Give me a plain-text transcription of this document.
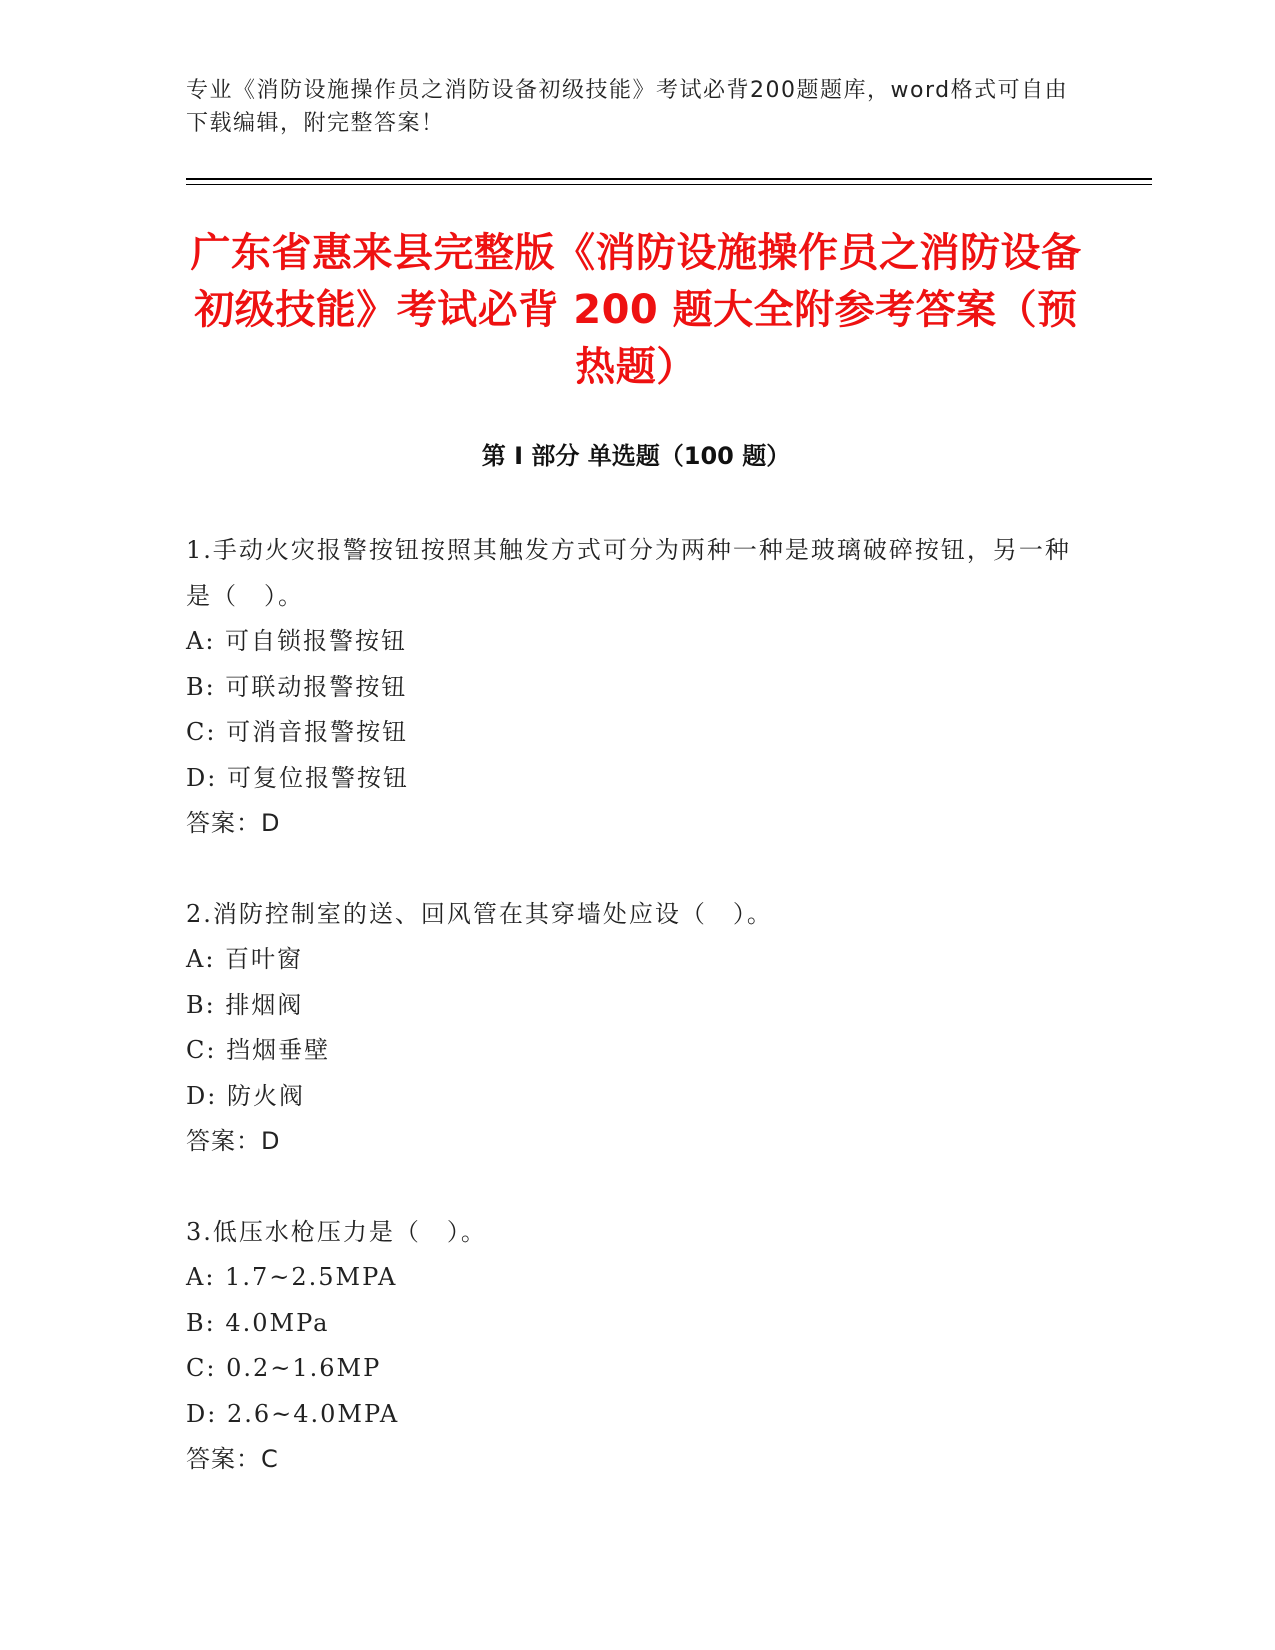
专业《消防设施操作员之消防设备初级技能》考试必背200题题库，word格式可自由下载编辑，附完整答案！
广东省惠来县完整版《消防设施操作员之消防设备初级技能》考试必背 200 题大全附参考答案（预热题）
第 I 部分 单选题（100 题）
1.手动火灾报警按钮按照其触发方式可分为两种一种是玻璃破碎按钮，另一种是（　）。
A: 可自锁报警按钮
B: 可联动报警按钮
C: 可消音报警按钮
D: 可复位报警按钮
答案：D
2.消防控制室的送、回风管在其穿墙处应设（　）。
A: 百叶窗
B: 排烟阀
C: 挡烟垂壁
D: 防火阀
答案：D
3.低压水枪压力是（　）。
A: 1.7~2.5MPA
B: 4.0MPa
C: 0.2~1.6MP
D: 2.6~4.0MPA
答案：C
